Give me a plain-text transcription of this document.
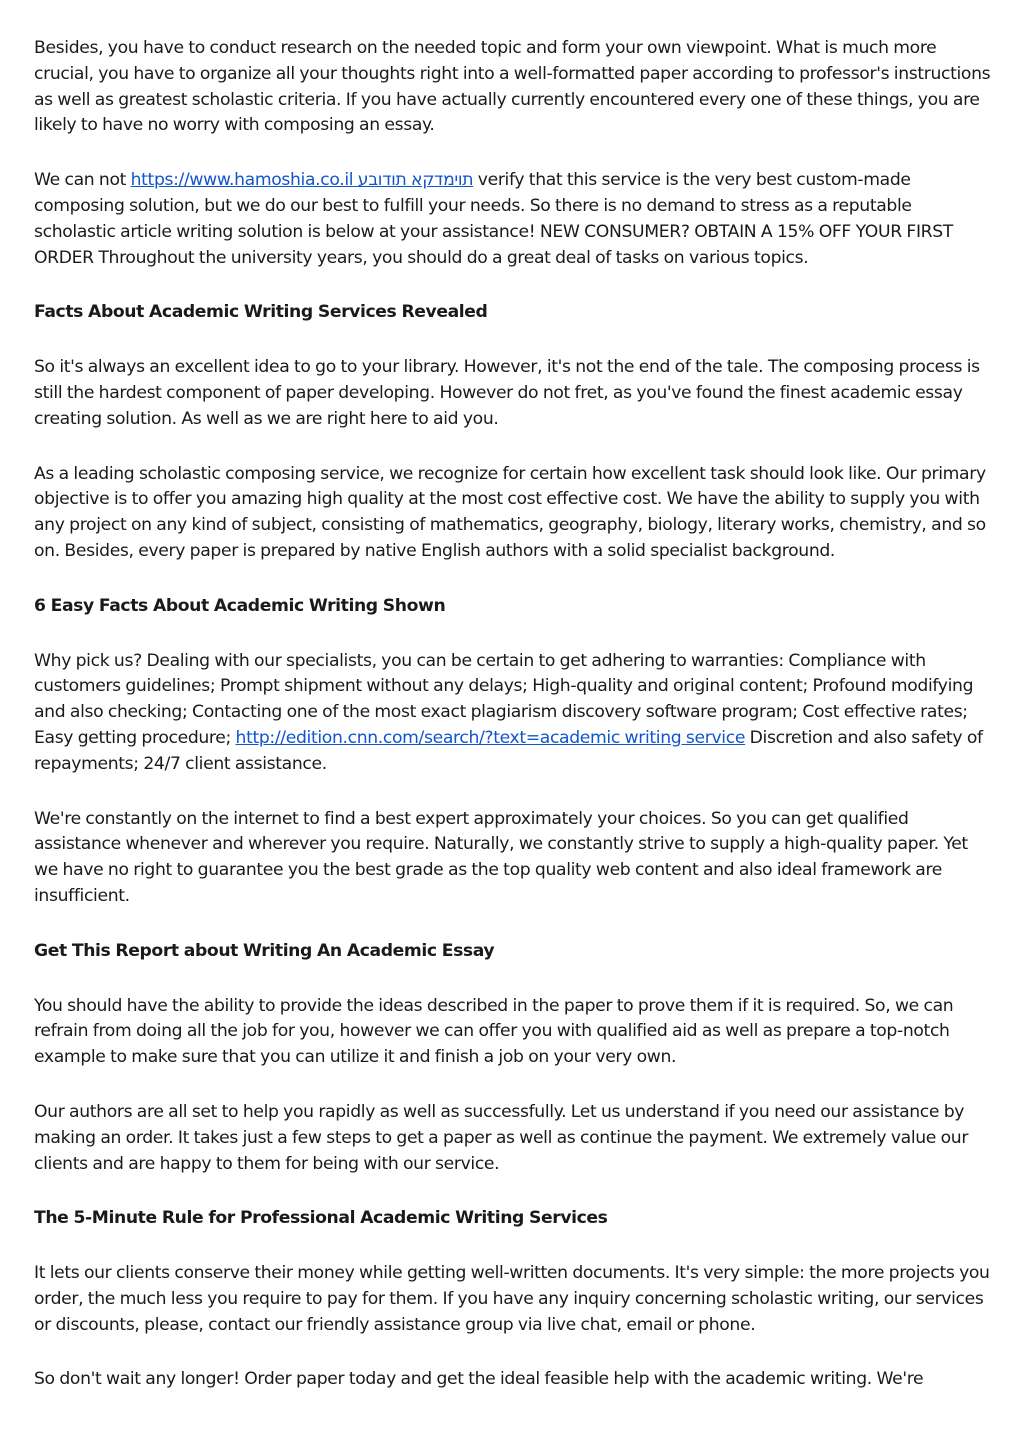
Besides, you have to conduct research on the needed topic and form your own viewpoint. What is much more crucial, you have to organize all your thoughts right into a well-formatted paper according to professor's instructions as well as greatest scholastic criteria. If you have actually currently encountered every one of these things, you are likely to have no worry with composing an essay.

We can not https://www.hamoshia.co.il תוימדקא תודובע verify that this service is the very best custom-made composing solution, but we do our best to fulfill your needs. So there is no demand to stress as a reputable scholastic article writing solution is below at your assistance! NEW CONSUMER? OBTAIN A 15% OFF YOUR FIRST ORDER Throughout the university years, you should do a great deal of tasks on various topics.

Facts About Academic Writing Services Revealed

So it's always an excellent idea to go to your library. However, it's not the end of the tale. The composing process is still the hardest component of paper developing. However do not fret, as you've found the finest academic essay creating solution. As well as we are right here to aid you.

As a leading scholastic composing service, we recognize for certain how excellent task should look like. Our primary objective is to offer you amazing high quality at the most cost effective cost. We have the ability to supply you with any project on any kind of subject, consisting of mathematics, geography, biology, literary works, chemistry, and so on. Besides, every paper is prepared by native English authors with a solid specialist background.

6 Easy Facts About Academic Writing Shown

Why pick us? Dealing with our specialists, you can be certain to get adhering to warranties: Compliance with customers guidelines; Prompt shipment without any delays; High-quality and original content; Profound modifying and also checking; Contacting one of the most exact plagiarism discovery software program; Cost effective rates; Easy getting procedure; http://edition.cnn.com/search/?text=academic writing service Discretion and also safety of repayments; 24/7 client assistance.

We're constantly on the internet to find a best expert approximately your choices. So you can get qualified assistance whenever and wherever you require. Naturally, we constantly strive to supply a high-quality paper. Yet we have no right to guarantee you the best grade as the top quality web content and also ideal framework are insufficient.

Get This Report about Writing An Academic Essay

You should have the ability to provide the ideas described in the paper to prove them if it is required. So, we can refrain from doing all the job for you, however we can offer you with qualified aid as well as prepare a top-notch example to make sure that you can utilize it and finish a job on your very own.

Our authors are all set to help you rapidly as well as successfully. Let us understand if you need our assistance by making an order. It takes just a few steps to get a paper as well as continue the payment. We extremely value our clients and are happy to them for being with our service.

The 5-Minute Rule for Professional Academic Writing Services

It lets our clients conserve their money while getting well-written documents. It's very simple: the more projects you order, the much less you require to pay for them. If you have any inquiry concerning scholastic writing, our services or discounts, please, contact our friendly assistance group via live chat, email or phone.

So don't wait any longer! Order paper today and get the ideal feasible help with the academic writing. We're
